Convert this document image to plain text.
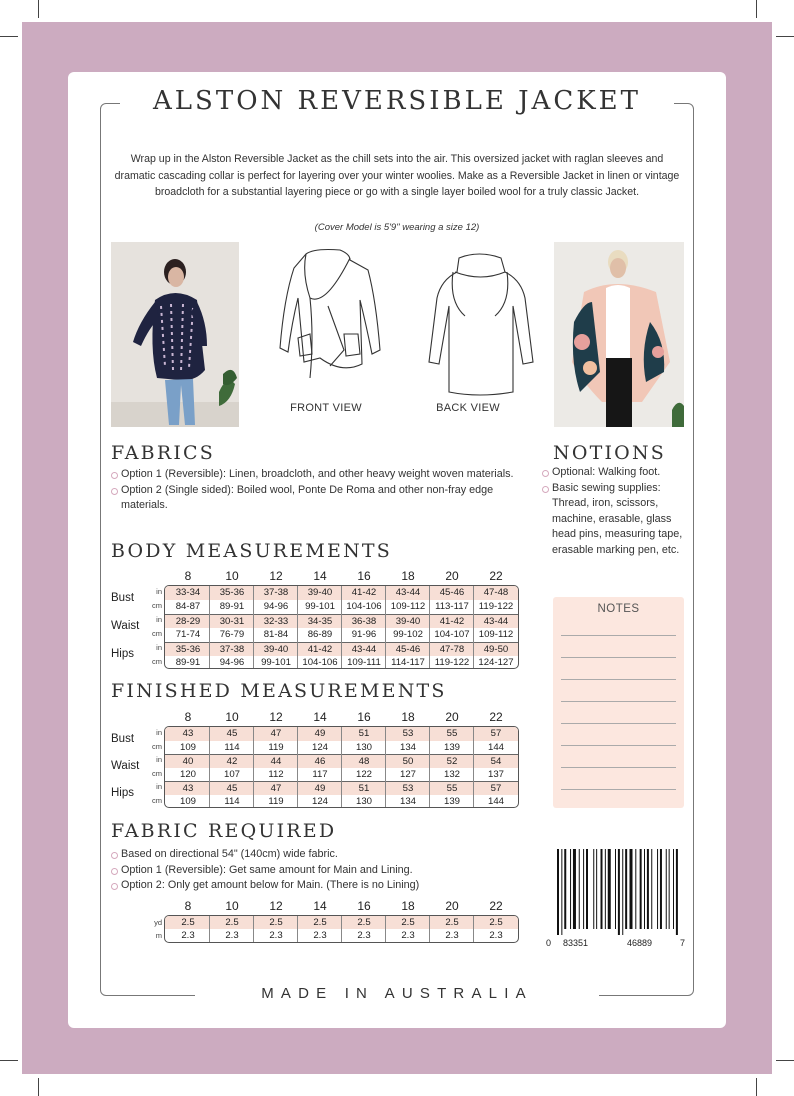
ALSTON REVERSIBLE JACKET
Wrap up in the Alston Reversible Jacket as the chill sets into the air. This oversized jacket with raglan sleeves and dramatic cascading collar is perfect for layering over your winter woolies. Make as a Reversible Jacket in linen or vintage broadcloth for a substantial layering piece or go with a single layer boiled wool for a truly classic Jacket.
(Cover Model is 5'9" wearing a size 12)
FRONT VIEW	BACK VIEW
FABRICS
Option 1 (Reversible): Linen, broadcloth, and other heavy weight woven materials.
Option 2 (Single sided): Boiled wool, Ponte De Roma and other non-fray edge materials.
NOTIONS
Optional: Walking foot.
Basic sewing supplies: Thread, iron, scissors, machine, erasable, glass head pins, measuring tape, erasable marking pen, etc.
NOTES
BODY MEASUREMENTS
8	10	12	14	16	18	20	22
33-34	35-36	37-38	39-40	41-42	43-44	45-46	47-48
84-87	89-91	94-96	99-101	104-106 109-112	113-117	119-122
28-29	30-31	32-33	34-35	36-38	39-40	41-42	43-44
71-74	76-79	81-84	86-89	91-96	99-102	104-107 109-112
35-36	37-38	39-40	41-42	43-44	45-46	47-78	49-50
89-91	94-96	99-101	104-106 109-111	114-117	119-122 124-127
in
cm
Bust
in
cm
Waist
in
cm
Hips
FINISHED MEASUREMENTS
8	10	12	14	16	18	20	22
43	45	47	49	51	53	55	57
109	114	119	124	130	134	139	144
40	42	44	46	48	50	52	54
120	107	112	117	122	127	132	137
43	45	47	49	51	53	55	57
109	114	119	124	130	134	139	144
in
cm
Bust
in
cm
Waist
in
cm
Hips
FABRIC REQUIRED
Based on directional 54" (140cm) wide fabric.
Option 1 (Reversible): Get same amount for Main and Lining.
Option 2: Only get amount below for Main. (There is no Lining)
8	10	12	14	16	18	20	22
2.5	2.5	2.5	2.5	2.5	2.5	2.5	2.5
2.3	2.3	2.3	2.3	2.3	2.3	2.3	2.3
yd
m
0 83351	46889	7
MADE IN AUSTRALIA
